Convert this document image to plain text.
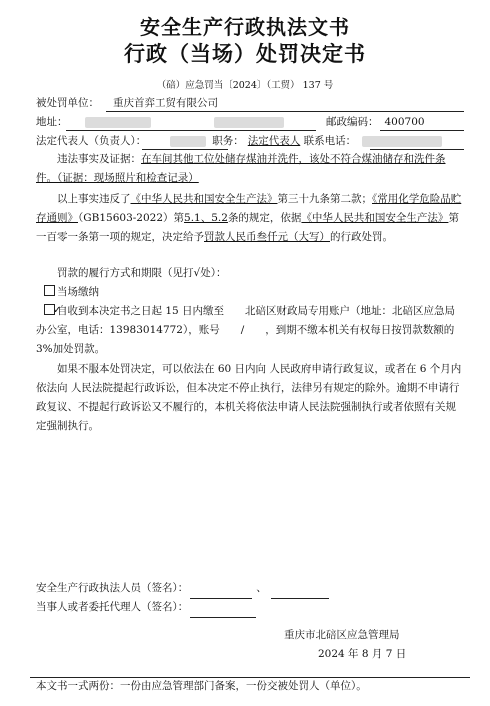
安全生产行政执法文书
行政（当场）处罚决定书
（碚）应急罚当〔2024〕（工贸） 137 号
被处罚单位： 重庆首弈工贸有限公司
地址：	邮政编码： 400700
法定代表人（负责人）：	职务： 法定代表人 联系电话：
违法事实及证据：在车间其他工位处储存煤油并洗件，该处不符合煤油储存和洗件条件。（证据：现场照片和检查记录）
以上事实违反了《中华人民共和国安全生产法》第三十九条第二款；《常用化学危险品贮存通则》（GB15603-2022）第5.1、5.2条的规定，依据《中华人民共和国安全生产法》第一百零一条第一项的规定，决定给予罚款人民币叁仟元（大写）的行政处罚。
罚款的履行方式和期限（见打√处）：
当场缴纳
✓自收到本决定书之日起 15 日内缴至　　北碚区财政局专用账户（地址：北碚区应急局办公室，电话：13983014772），账号　　/　　，到期不缴本机关有权每日按罚款数额的 3%加处罚款。
如果不服本处罚决定，可以依法在 60 日内向 人民政府申请行政复议，或者在 6 个月内依法向 人民法院提起行政诉讼，但本决定不停止执行，法律另有规定的除外。逾期不申请行政复议、不提起行政诉讼又不履行的，本机关将依法申请人民法院强制执行或者依照有关规定强制执行。
安全生产行政执法人员（签名）：	、
当事人或者委托代理人（签名）：
重庆市北碚区应急管理局
2024 年 8 月 7 日
本文书一式两份：一份由应急管理部门备案，一份交被处罚人（单位）。
